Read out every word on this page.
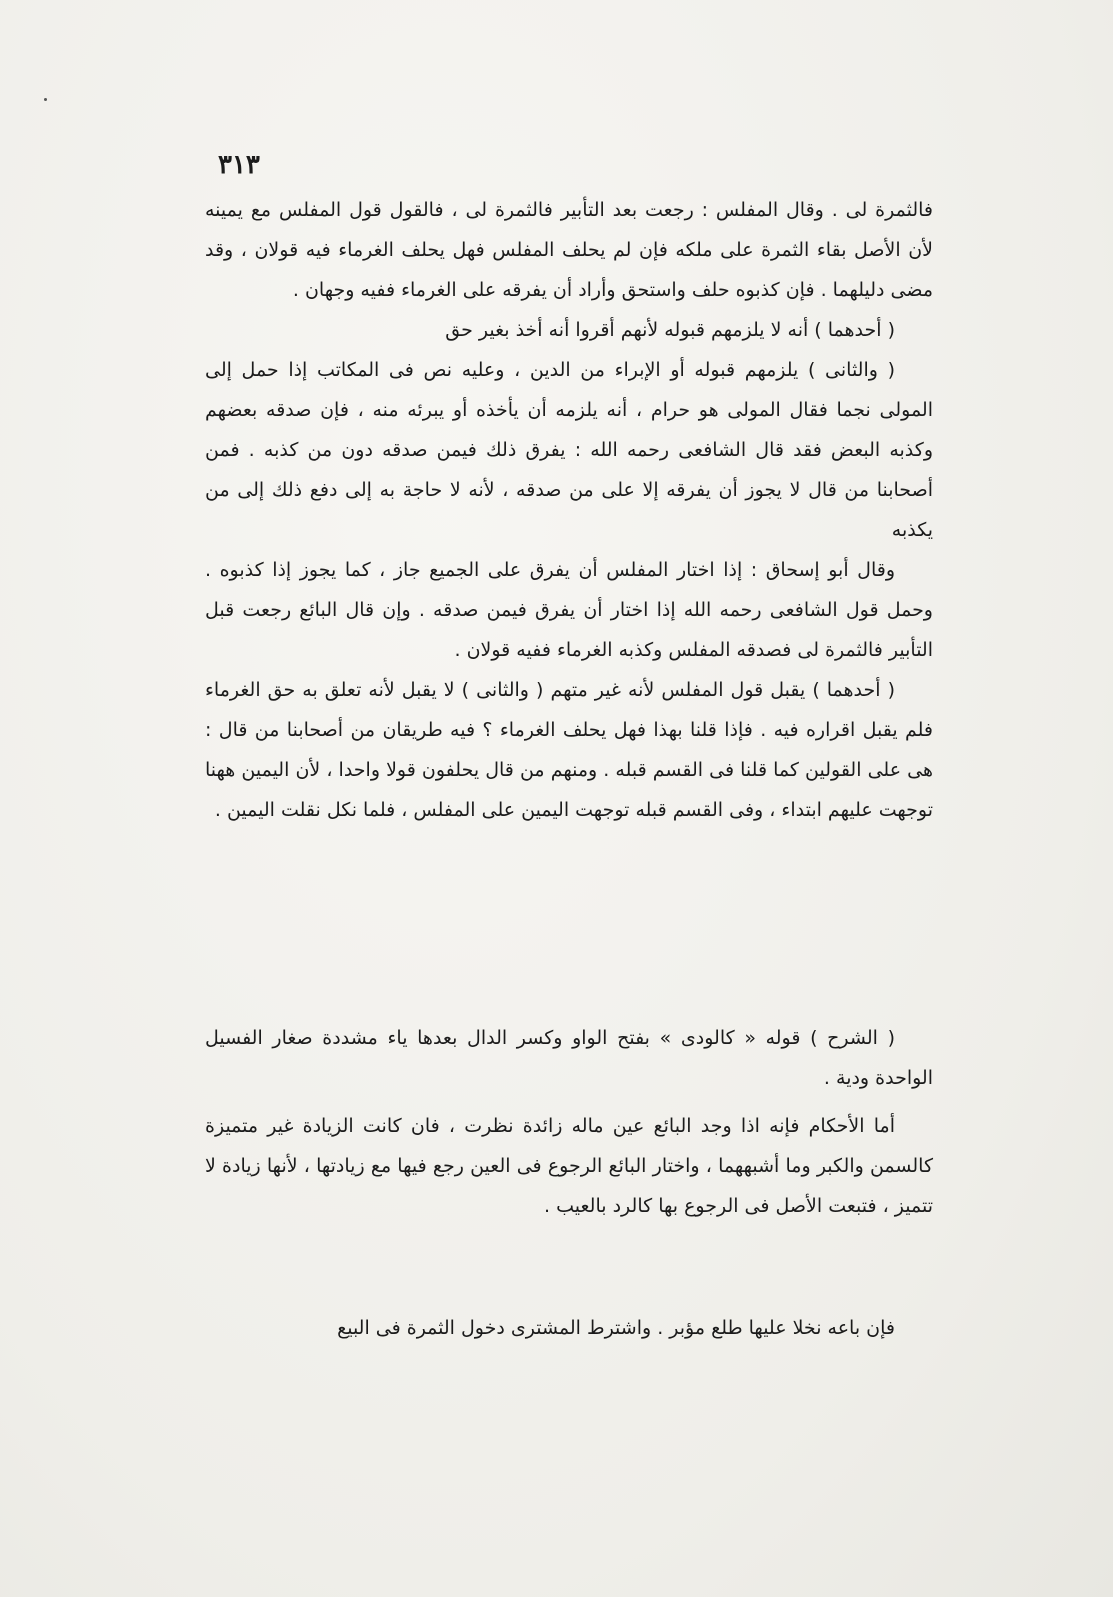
٣١٣

فالثمرة لى . وقال المفلس : رجعت بعد التأبير فالثمرة لى ، فالقول قول المفلس مع يمينه لأن الأصل بقاء الثمرة على ملكه فإن لم يحلف المفلس فهل يحلف الغرماء فيه قولان ، وقد مضى دليلهما . فإن كذبوه حلف واستحق وأراد أن يفرقه على الغرماء ففيه وجهان .

( أحدهما ) أنه لا يلزمهم قبوله لأنهم أقروا أنه أخذ بغير حق

( والثانى ) يلزمهم قبوله أو الإبراء من الدين ، وعليه نص فى المكاتب إذا حمل إلى المولى نجما فقال المولى هو حرام ، أنه يلزمه أن يأخذه أو يبرئه منه ، فإن صدقه بعضهم وكذبه البعض فقد قال الشافعى رحمه الله : يفرق ذلك فيمن صدقه دون من كذبه . فمن أصحابنا من قال لا يجوز أن يفرقه إلا على من صدقه ، لأنه لا حاجة به إلى دفع ذلك إلى من يكذبه

وقال أبو إسحاق : إذا اختار المفلس أن يفرق على الجميع جاز ، كما يجوز إذا كذبوه . وحمل قول الشافعى رحمه الله إذا اختار أن يفرق فيمن صدقه . وإن قال البائع رجعت قبل التأبير فالثمرة لى فصدقه المفلس وكذبه الغرماء ففيه قولان .

( أحدهما ) يقبل قول المفلس لأنه غير متهم ( والثانى ) لا يقبل لأنه تعلق به حق الغرماء فلم يقبل اقراره فيه . فإذا قلنا بهذا فهل يحلف الغرماء ؟ فيه طريقان من أصحابنا من قال : هى على القولين كما قلنا فى القسم قبله . ومنهم من قال يحلفون قولا واحدا ، لأن اليمين ههنا توجهت عليهم ابتداء ، وفى القسم قبله توجهت اليمين على المفلس ، فلما نكل نقلت اليمين .

( الشرح ) قوله « كالودى » بفتح الواو وكسر الدال بعدها ياء مشددة صغار الفسيل الواحدة ودية .

أما الأحكام فإنه اذا وجد البائع عين ماله زائدة نظرت ، فان كانت الزيادة غير متميزة كالسمن والكبر وما أشبههما ، واختار البائع الرجوع فى العين رجع فيها مع زيادتها ، لأنها زيادة لا تتميز ، فتبعت الأصل فى الرجوع بها كالرد بالعيب .

فإن باعه نخلا عليها طلع مؤبر . واشترط المشترى دخول الثمرة فى البيع
